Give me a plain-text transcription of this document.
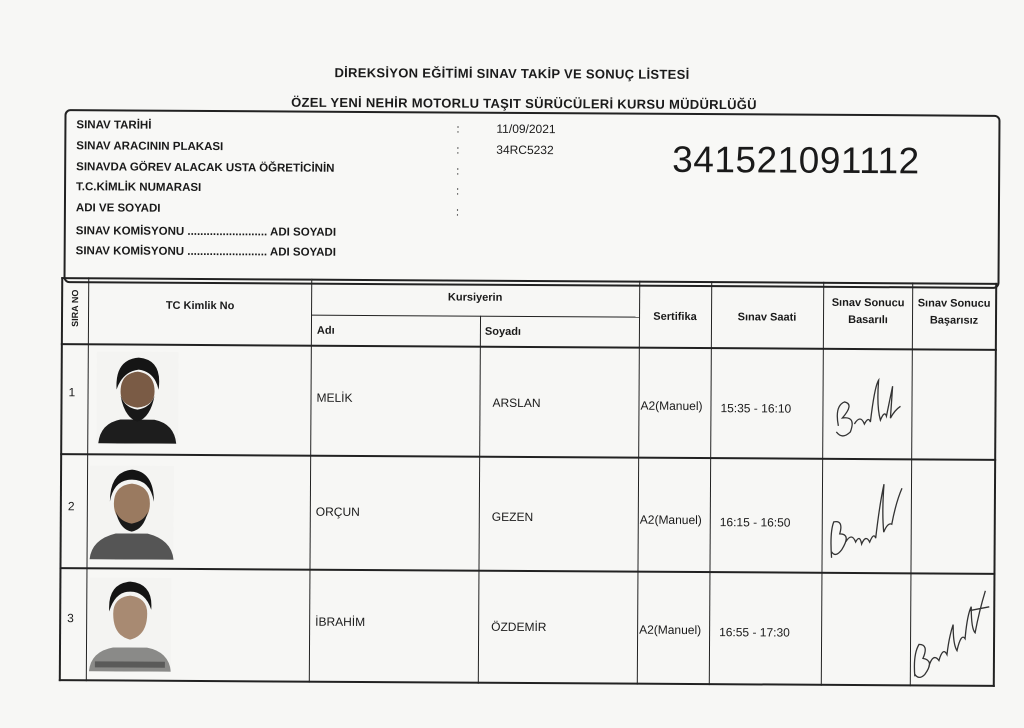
DİREKSİYON EĞİTİMİ SINAV TAKİP VE SONUÇ LİSTESİ
ÖZEL YENİ NEHİR MOTORLU TAŞIT SÜRÜCÜLERİ KURSU MÜDÜRLÜĞÜ
SINAV TARİHİ	:	11/09/2021
SINAV ARACININ PLAKASI	:	34RC5232
SINAVDA GÖREV ALACAK USTA ÖĞRETİCİNİN	:
T.C.KİMLİK NUMARASI	:
ADI VE SOYADI	:
SINAV KOMİSYONU ......................... ADI SOYADI
SINAV KOMİSYONU ......................... ADI SOYADI
341521091112
SIRA NO	TC Kimlik No
Kursiyerin
Adı	Soyadı
Sertifika	Sınav Saati
Sınav Sonucu Basarılı
Sınav Sonucu Başarısız
1	MELİK	ARSLAN	A2(Manuel) 15:35 - 16:10
2	ORÇUN	GEZEN	A2(Manuel) 16:15 - 16:50
3	İBRAHİM	ÖZDEMİR	A2(Manuel) 16:55 - 17:30
